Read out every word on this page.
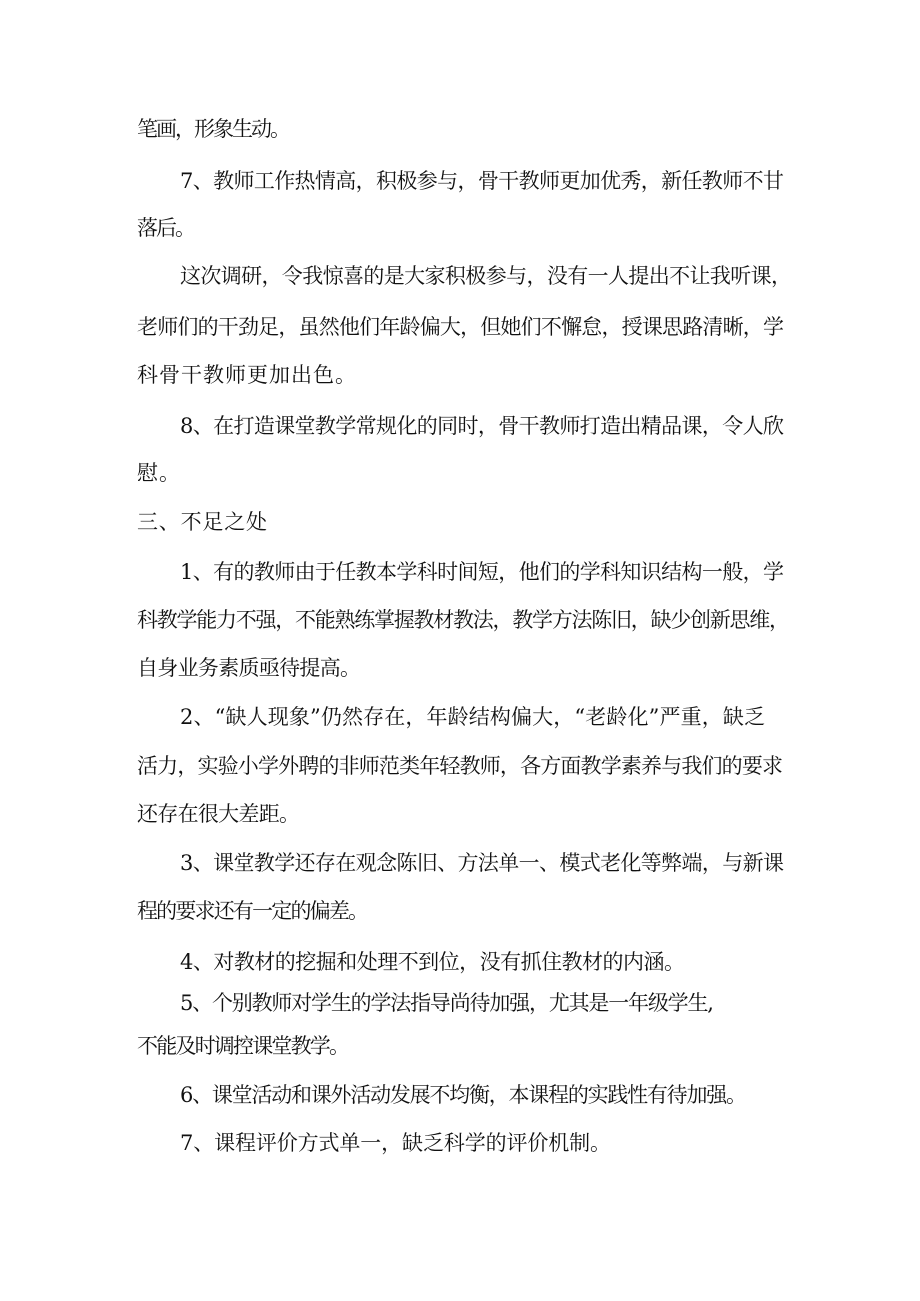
笔画，形象生动。
7、教师工作热情高，积极参与，骨干教师更加优秀，新任教师不甘
落后。
这次调研，令我惊喜的是大家积极参与，没有一人提出不让我听课，
老师们的干劲足，虽然他们年龄偏大，但她们不懈怠，授课思路清晰，学
科骨干教师更加出色。
8、在打造课堂教学常规化的同时，骨干教师打造出精品课，令人欣
慰。
三、不足之处
1、有的教师由于任教本学科时间短，他们的学科知识结构一般，学
科教学能力不强，不能熟练掌握教材教法，教学方法陈旧，缺少创新思维，
自身业务素质亟待提高。
2、“缺人现象”仍然存在，年龄结构偏大，“老龄化”严重，缺乏
活力，实验小学外聘的非师范类年轻教师，各方面教学素养与我们的要求
还存在很大差距。
3、课堂教学还存在观念陈旧、方法单一、模式老化等弊端，与新课
程的要求还有一定的偏差。
4、对教材的挖掘和处理不到位，没有抓住教材的内涵。
5、个别教师对学生的学法指导尚待加强，尤其是一年级学生,
不能及时调控课堂教学。
6、课堂活动和课外活动发展不均衡，本课程的实践性有待加强。
7、课程评价方式单一，缺乏科学的评价机制。
